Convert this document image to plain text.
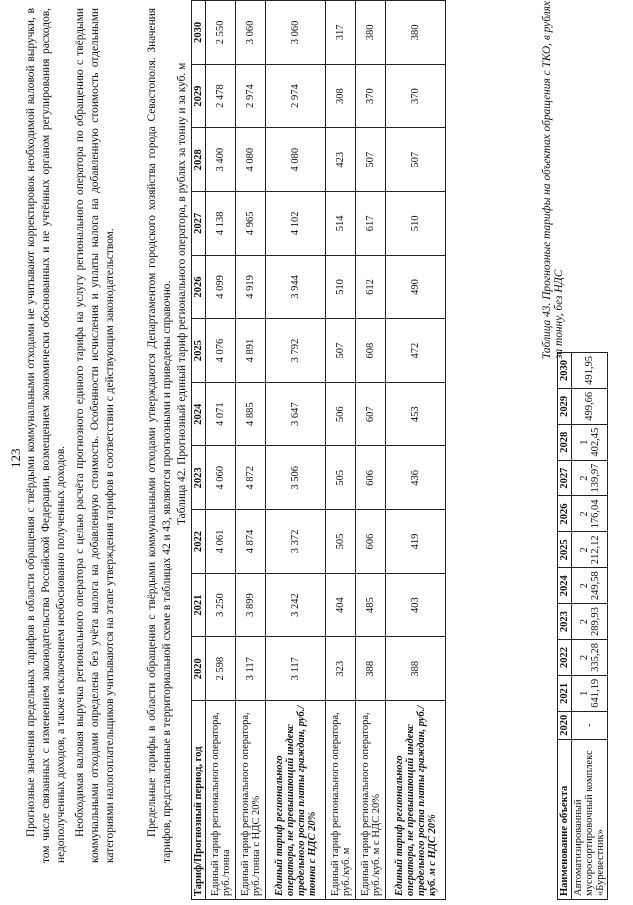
123 Прогнозные значения предельных тарифов в области обращения с твёрдыми коммунальными отходами не учитывают корректировок необходимой валовой выручки, в том числе связанных с изменением законодательства Российской Федерации, возмещением экономически обоснованных и не учтённых органом регулирования расходов, недополученных доходов, а также исключением необоснованно полученных доходов. Необходимая валовая выручка регионального оператора с целью расчёта прогнозного единого тарифа на услугу регионального оператора по обращению с твёрдыми коммунальными отходами определена без учёта налога на добавленную стоимость. Особенности исчисления и уплаты налога на добавленную стоимость отдельными категориями налогоплательщиков учитываются на этапе утверждения тарифов в соответствии с действующим законодательством.	Предельные тарифы в области обращения с твёрдыми коммунальными отходами утверждаются Департаментом городского хозяйства города Севастополя. Значения тарифов, представленные в территориальной схеме в таблицах 42 и 43, являются прогнозными и приведены справочно. Таблица 42. Прогнозный единый тариф регионального оператора, в рублях за тонну и за куб. м
Тариф/Прогнозный период, год	2020	2021	2022	2023	2024	2025	2026	2027	2028	2029	2030
Единый тариф регионального оператора, руб./тонна	2 598	3 250	4 061	4 060	4 071	4 076	4 099	4 138	3 400	2 478	2 550
Единый тариф регионального оператора, руб./тонна с НДС 20%	3 117	3 899	4 874	4 872	4 885	4 891	4 919	4 965	4 080	2 974	3 060
Единый тариф регионального оператора, не превышающий индекс предельного роста платы граждан, руб./тонна с НДС 20%	3 117	3 242	3 372	3 506	3 647	3 792	3 944	4 102	4 080	2 974	3 060
Единый тариф регионального оператора, руб./куб. м	323	404	505	505	506	507	510	514	423	308	317
Единый тариф регионального оператора, руб./куб. м с НДС 20%	388	485	606	606	607	608	612	617	507	370	380
Единый тариф регионального оператора, не превышающий индекс предельного роста платы граждан, руб./куб. м с НДС 20%	388	403	419	436	453	472	490	510	507	370	380	Таблица 43. Прогнозные тарифы на объектах обращения с ТКО, в рублях за тонну, без НДС
Наименование объекта	2020	2021	2022	2023	2024	2025	2026	2027	2028	2029	2030
Автоматизированный мусоросортировочный комплекс «Буревестник»	-	1 641,19	2 335,28	2 289,93	2 249,58	2 212,12	2 176,04	2 139,97	1 402,45	499,66	491,95
